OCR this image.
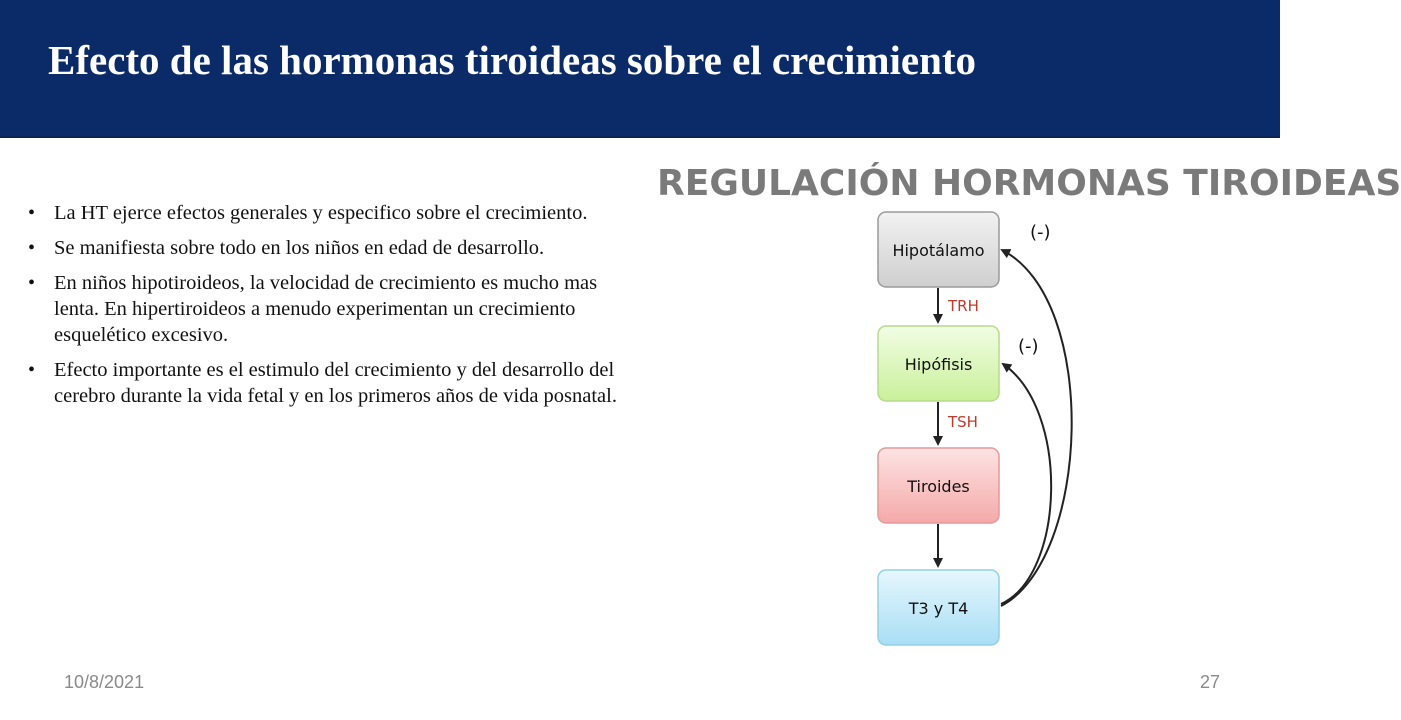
Efecto de las hormonas tiroideas sobre el crecimiento
• La HT ejerce efectos generales y especifico sobre el crecimiento.
• Se manifiesta sobre todo en los niños en edad de desarrollo.
• En niños hipotiroideos, la velocidad de crecimiento es mucho mas lenta. En hipertiroideos a menudo experimentan un crecimiento esquelético excesivo.
• Efecto importante es el estimulo del crecimiento y del desarrollo del cerebro durante la vida fetal y en los primeros años de vida posnatal.
REGULACIÓN HORMONAS TIROIDEAS
Hipotálamo
Hipófisis
Tiroides
T3 y T4
TRH
TSH
(-)
(-)
10/8/2021	27
